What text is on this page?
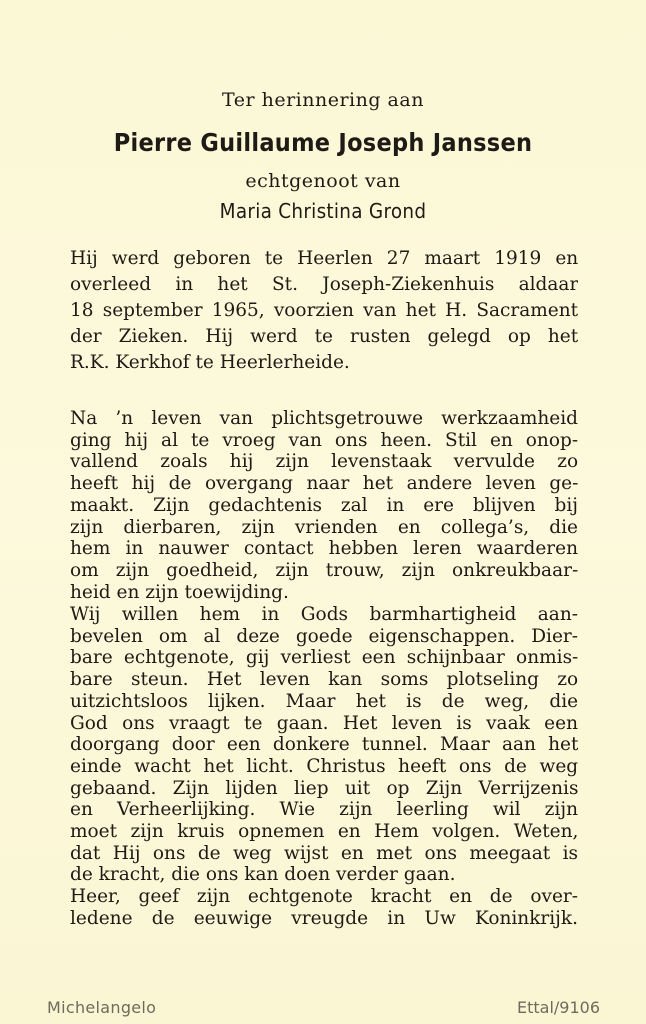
Ter herinnering aan
Pierre Guillaume Joseph Janssen
echtgenoot van
Maria Christina Grond
Hij werd geboren te Heerlen 27 maart 1919 en
overleed in het St. Joseph-Ziekenhuis aldaar
18 september 1965, voorzien van het H. Sacrament
der Zieken. Hij werd te rusten gelegd op het
R.K. Kerkhof te Heerlerheide.
Na ’n leven van plichtsgetrouwe werkzaamheid
ging hij al te vroeg van ons heen. Stil en onop-
vallend zoals hij zijn levenstaak vervulde zo
heeft hij de overgang naar het andere leven ge-
maakt. Zijn gedachtenis zal in ere blijven bij
zijn dierbaren, zijn vrienden en collega’s, die
hem in nauwer contact hebben leren waarderen
om zijn goedheid, zijn trouw, zijn onkreukbaar-
heid en zijn toewijding.
Wij willen hem in Gods barmhartigheid aan-
bevelen om al deze goede eigenschappen. Dier-
bare echtgenote, gij verliest een schijnbaar onmis-
bare steun. Het leven kan soms plotseling zo
uitzichtsloos lijken. Maar het is de weg, die
God ons vraagt te gaan. Het leven is vaak een
doorgang door een donkere tunnel. Maar aan het
einde wacht het licht. Christus heeft ons de weg
gebaand. Zijn lijden liep uit op Zijn Verrijzenis
en Verheerlijking. Wie zijn leerling wil zijn
moet zijn kruis opnemen en Hem volgen. Weten,
dat Hij ons de weg wijst en met ons meegaat is
de kracht, die ons kan doen verder gaan.
Heer, geef zijn echtgenote kracht en de over-
ledene de eeuwige vreugde in Uw Koninkrijk.
Michelangelo	Ettal/9106
